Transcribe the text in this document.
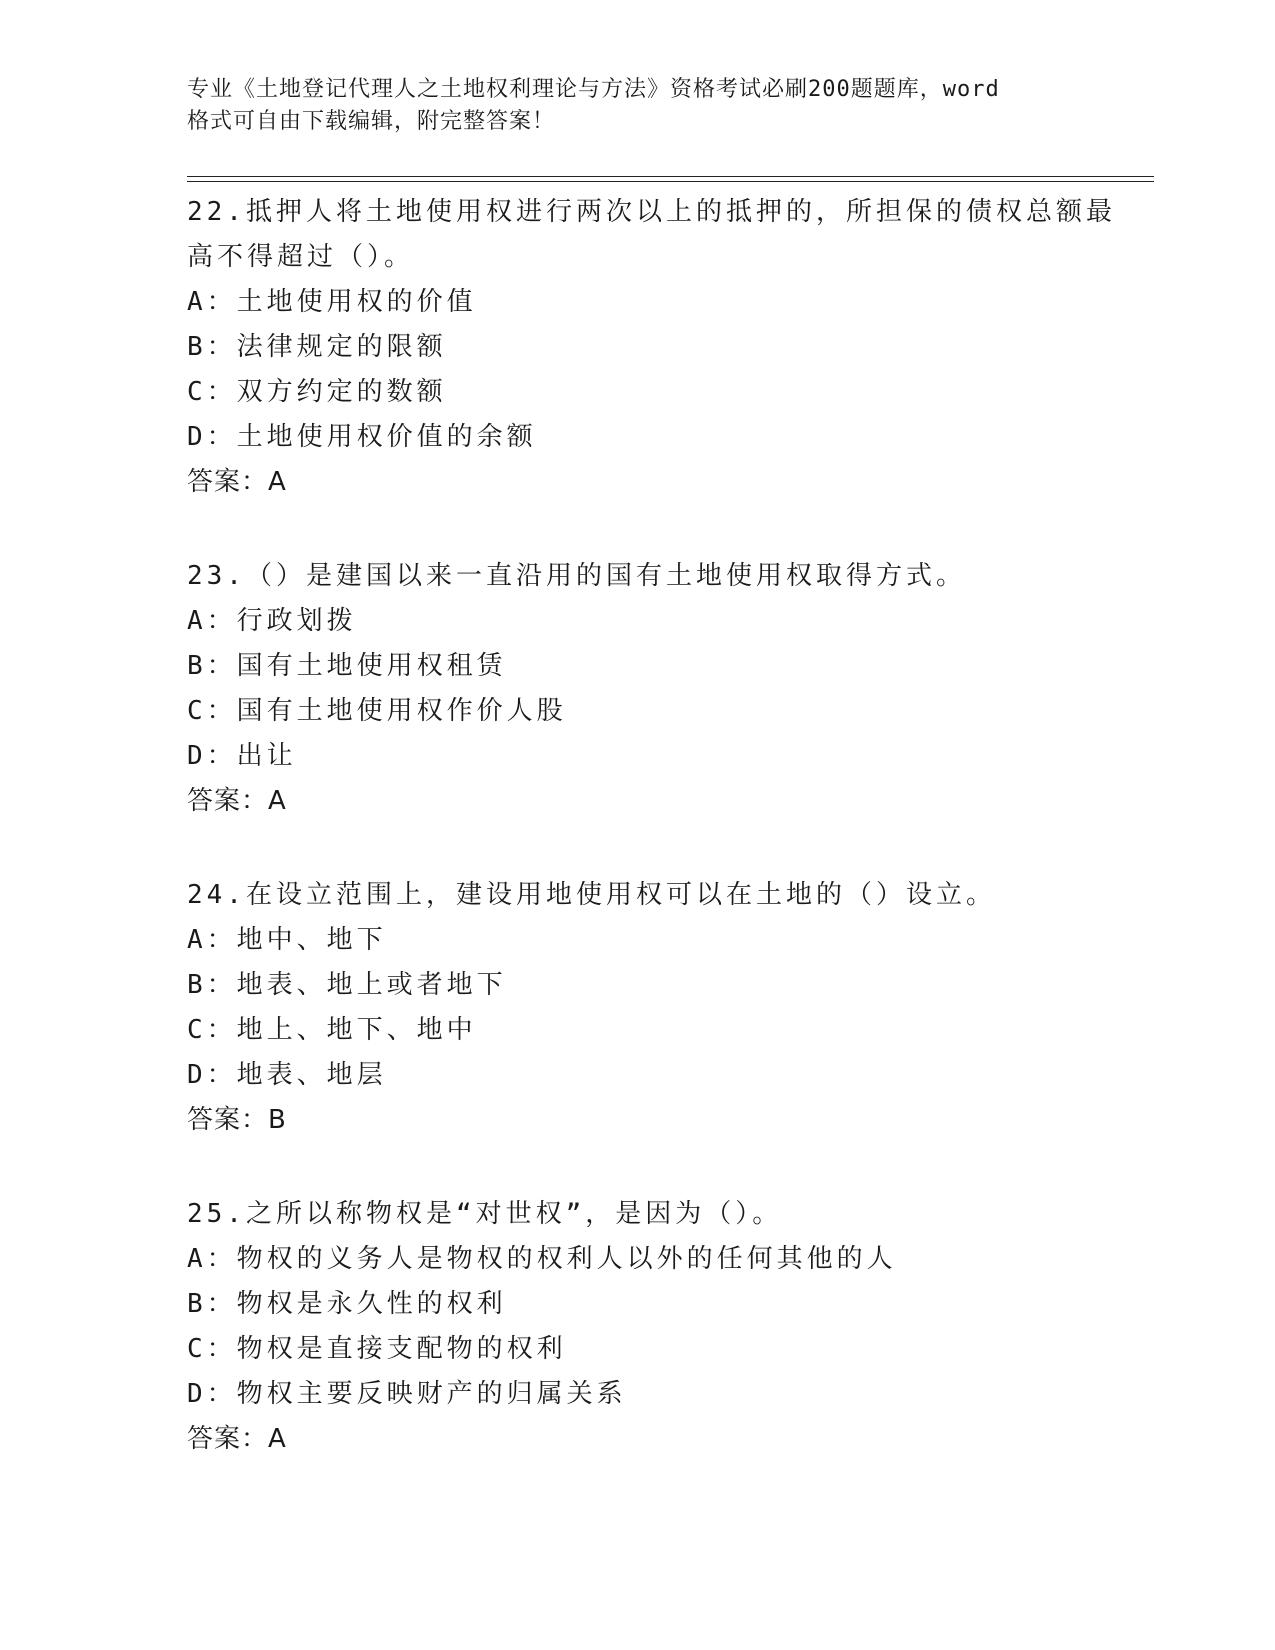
专业《土地登记代理人之土地权利理论与方法》资格考试必刷200题题库，word
格式可自由下载编辑，附完整答案！
22.抵押人将土地使用权进行两次以上的抵押的，所担保的债权总额最
高不得超过（）。
A：土地使用权的价值
B：法律规定的限额
C：双方约定的数额
D：土地使用权价值的余额
答案：A
23.（）是建国以来一直沿用的国有土地使用权取得方式。
A：行政划拨
B：国有土地使用权租赁
C：国有土地使用权作价人股
D：出让
答案：A
24.在设立范围上，建设用地使用权可以在土地的（）设立。
A：地中、地下
B：地表、地上或者地下
C：地上、地下、地中
D：地表、地层
答案：B
25.之所以称物权是“对世权”，是因为（）。
A：物权的义务人是物权的权利人以外的任何其他的人
B：物权是永久性的权利
C：物权是直接支配物的权利
D：物权主要反映财产的归属关系
答案：A
